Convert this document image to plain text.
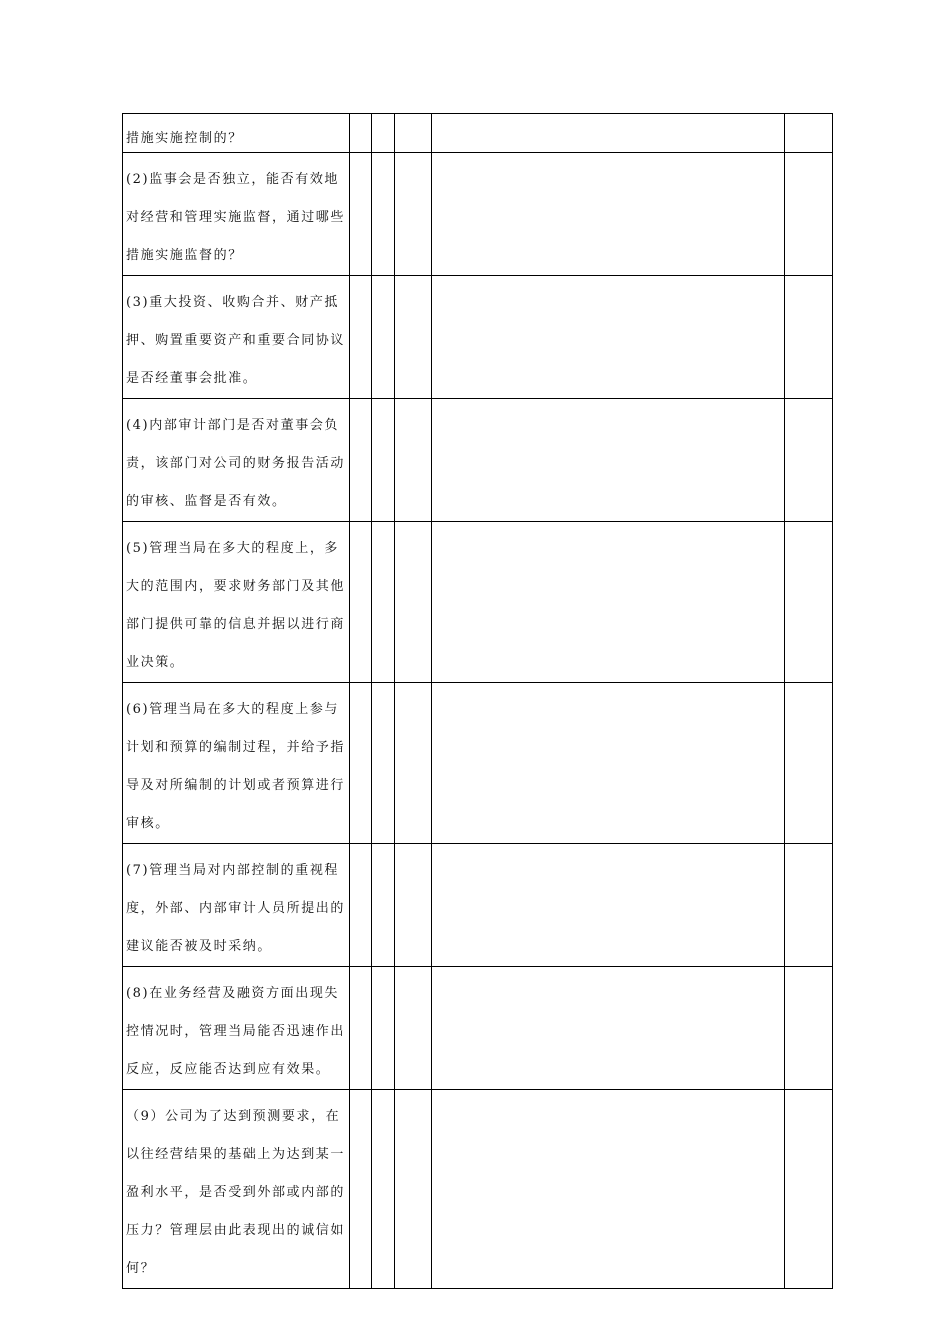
措施实施控制的？					

(2)监事会是否独立，能否有效地对经营和管理实施监督，通过哪些措施实施监督的？					

(3)重大投资、收购合并、财产抵押、购置重要资产和重要合同协议是否经董事会批准。					

(4)内部审计部门是否对董事会负责，该部门对公司的财务报告活动的审核、监督是否有效。					

(5)管理当局在多大的程度上，多大的范围内，要求财务部门及其他部门提供可靠的信息并据以进行商业决策。					

(6)管理当局在多大的程度上参与计划和预算的编制过程，并给予指导及对所编制的计划或者预算进行审核。					

(7)管理当局对内部控制的重视程度，外部、内部审计人员所提出的建议能否被及时采纳。					

(8)在业务经营及融资方面出现失控情况时，管理当局能否迅速作出反应，反应能否达到应有效果。					

（9）公司为了达到预测要求，在以往经营结果的基础上为达到某一盈利水平，是否受到外部或内部的压力？管理层由此表现出的诚信如何？					
